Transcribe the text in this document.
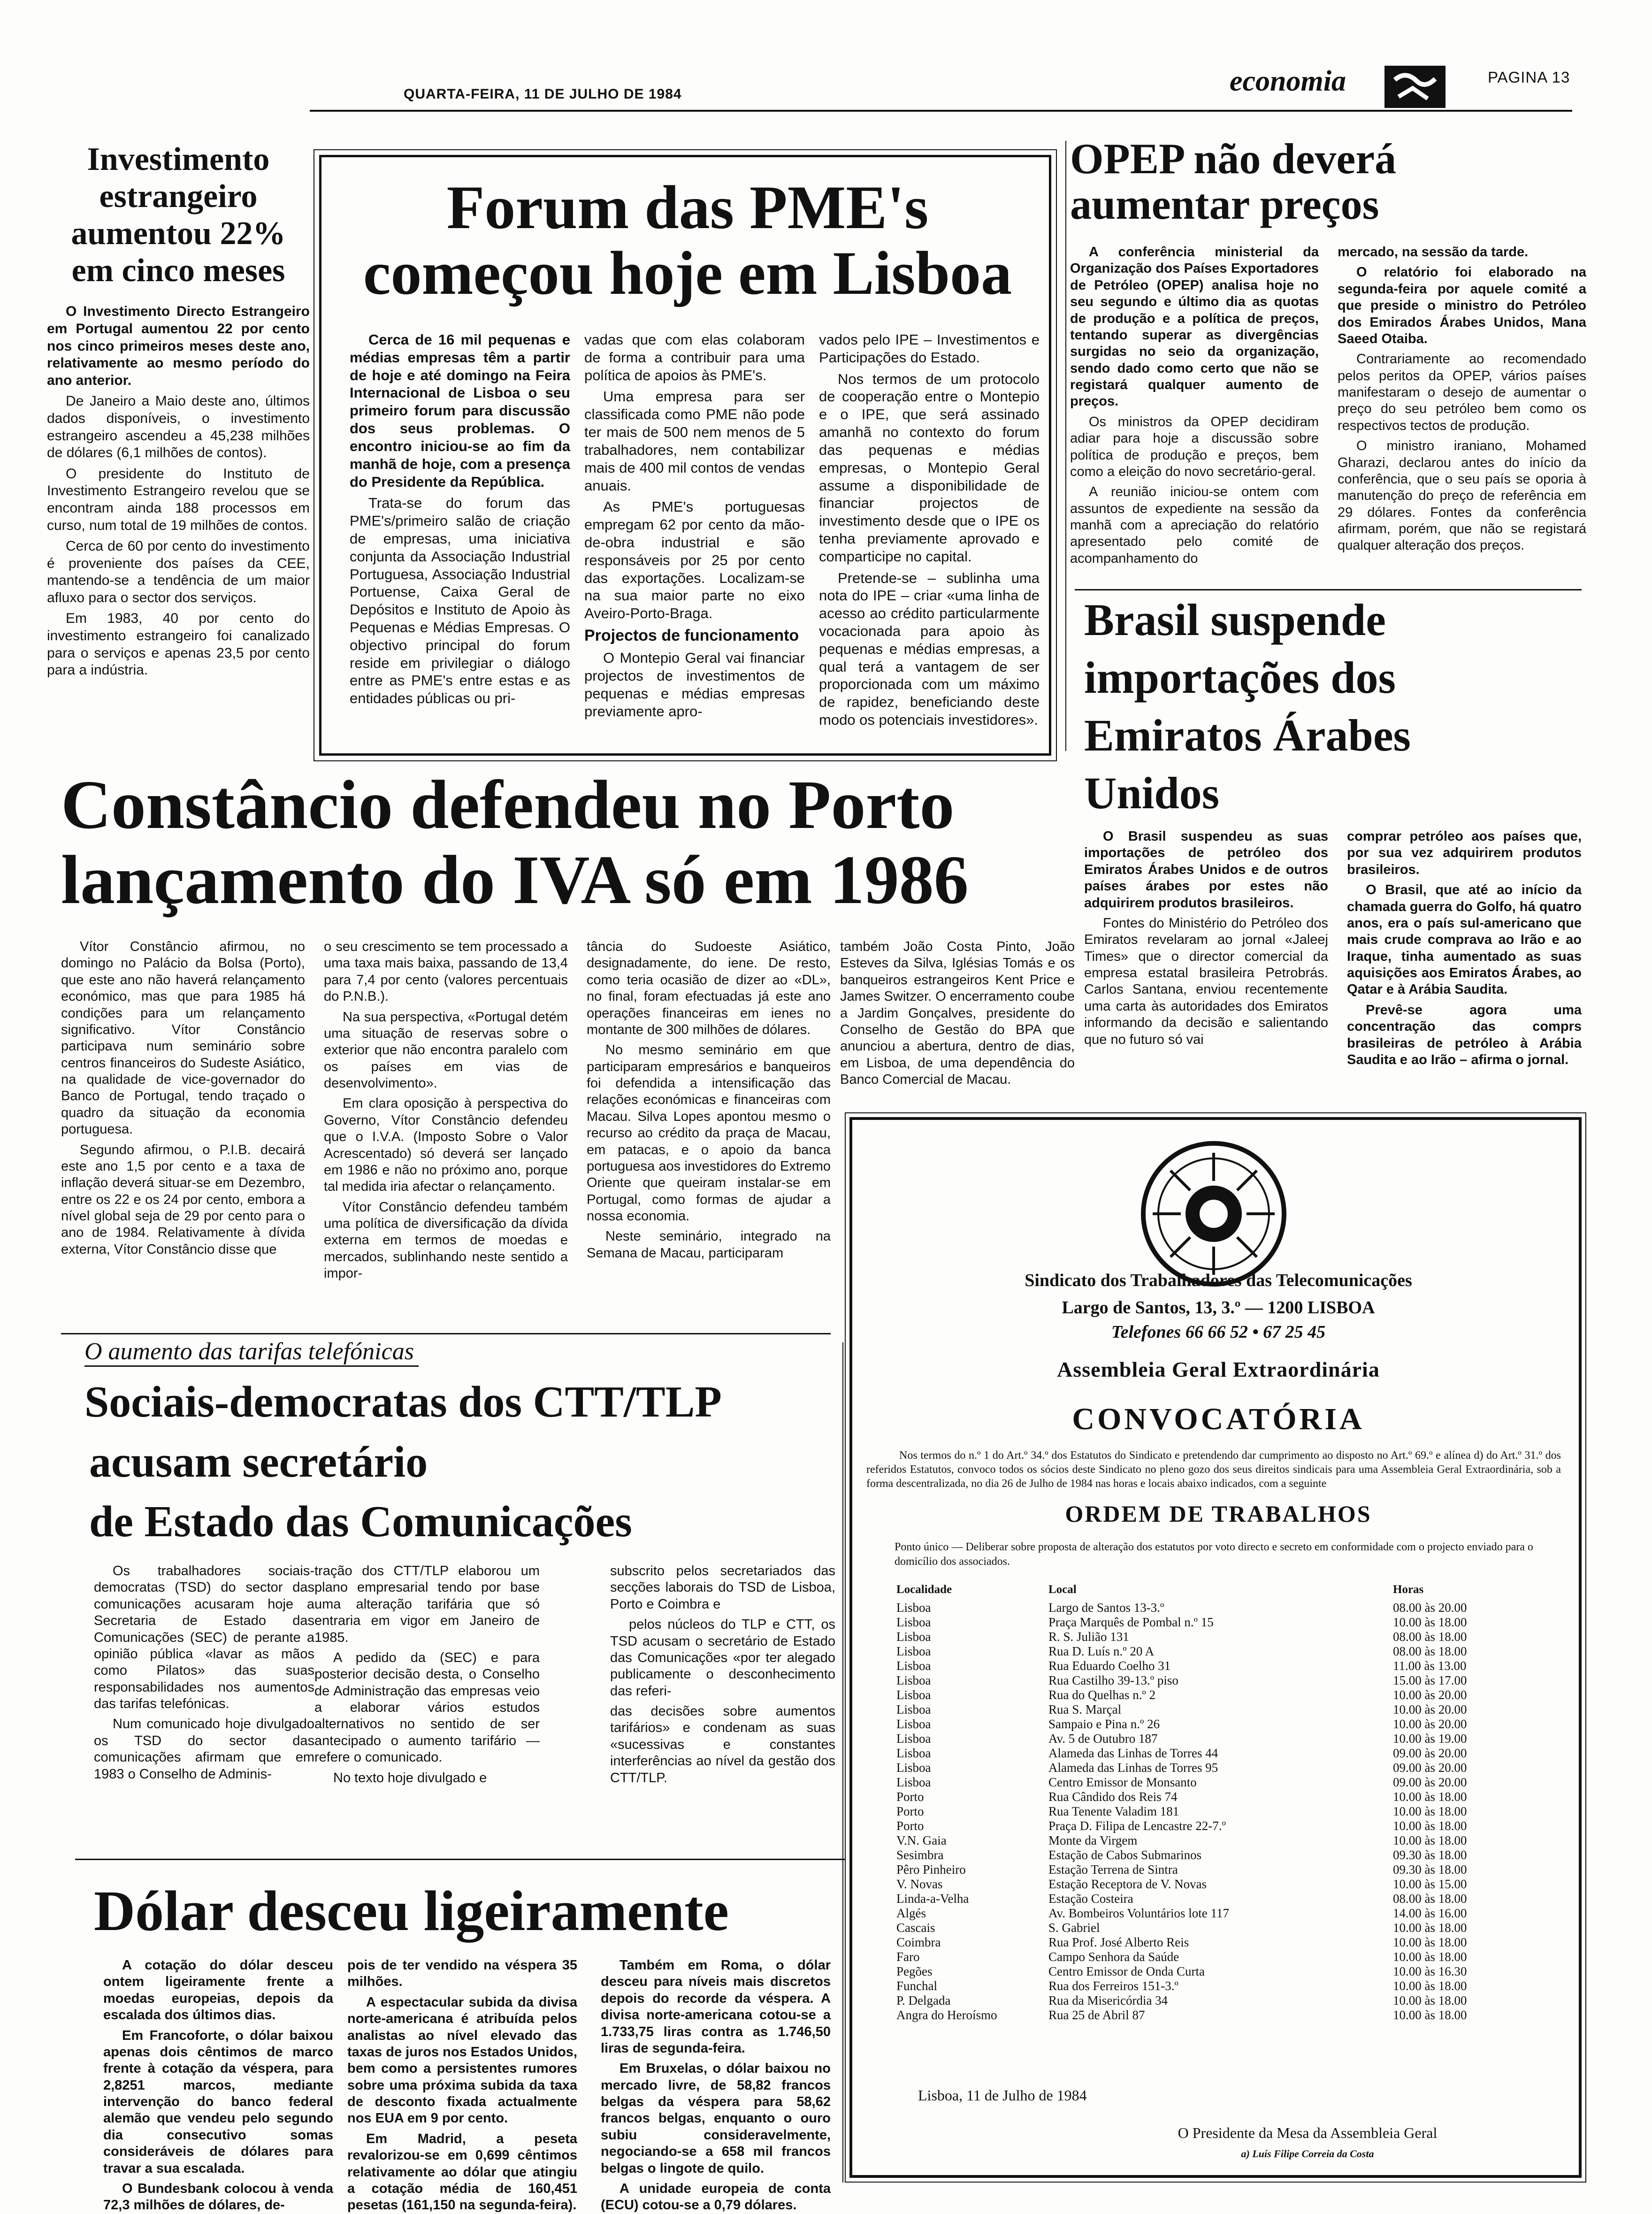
QUARTA-FEIRA, 11 DE JULHO DE 1984	economia	PAGINA 13
Investimento estrangeiro aumentou 22% em cinco meses

O Investimento Directo Estrangeiro em Portugal aumentou 22 por cento nos cinco primeiros meses deste ano, relativamente ao mesmo período do ano anterior.

De Janeiro a Maio deste ano, últimos dados disponíveis, o investimento estrangeiro ascendeu a 45,238 milhões de dólares (6,1 milhões de contos).

O presidente do Instituto de Investimento Estrangeiro revelou que se encontram ainda 188 processos em curso, num total de 19 milhões de contos.

Cerca de 60 por cento do investimento é proveniente dos países da CEE, mantendo-se a tendência de um maior afluxo para o sector dos serviços.

Em 1983, 40 por cento do investimento estrangeiro foi canalizado para o serviços e apenas 23,5 por cento para a indústria.

Forum das PME's
começou hoje em Lisboa

Cerca de 16 mil pequenas e médias empresas têm a partir de hoje e até domingo na Feira Internacional de Lisboa o seu primeiro forum para discussão dos seus problemas. O encontro iniciou-se ao fim da manhã de hoje, com a presença do Presidente da República.

Trata-se do forum das PME's/primeiro salão de criação de empresas, uma iniciativa conjunta da Associação Industrial Portuguesa, Associação Industrial Portuense, Caixa Geral de Depósitos e Instituto de Apoio às Pequenas e Médias Empresas. O objectivo principal do forum reside em privilegiar o diálogo entre as PME's entre estas e as entidades públicas ou pri-

vadas que com elas colaboram de forma a contribuir para uma política de apoios às PME's.

Uma empresa para ser classificada como PME não pode ter mais de 500 nem menos de 5 trabalhadores, nem contabilizar mais de 400 mil contos de vendas anuais.

As PME's portuguesas empregam 62 por cento da mão-de-obra industrial e são responsáveis por 25 por cento das exportações. Localizam-se na sua maior parte no eixo Aveiro-Porto-Braga.

Projectos de funcionamento

O Montepio Geral vai financiar projectos de investimentos de pequenas e médias empresas previamente apro-

vados pelo IPE – Investimentos e Participações do Estado.

Nos termos de um protocolo de cooperação entre o Montepio e o IPE, que será assinado amanhã no contexto do forum das pequenas e médias empresas, o Montepio Geral assume a disponibilidade de financiar projectos de investimento desde que o IPE os tenha previamente aprovado e comparticipe no capital.

Pretende-se – sublinha uma nota do IPE – criar «uma linha de acesso ao crédito particularmente vocacionada para apoio às pequenas e médias empresas, a qual terá a vantagem de ser proporcionada com um máximo de rapidez, beneficiando deste modo os potenciais investidores».

OPEP não deverá aumentar preços

A conferência ministerial da Organização dos Países Exportadores de Petróleo (OPEP) analisa hoje no seu segundo e último dia as quotas de produção e a política de preços, tentando superar as divergências surgidas no seio da organização, sendo dado como certo que não se registará qualquer aumento de preços.

Os ministros da OPEP decidiram adiar para hoje a discussão sobre política de produção e preços, bem como a eleição do novo secretário-geral.

A reunião iniciou-se ontem com assuntos de expediente na sessão da manhã com a apreciação do relatório apresentado pelo comité de acompanhamento do

mercado, na sessão da tarde.

O relatório foi elaborado na segunda-feira por aquele comité a que preside o ministro do Petróleo dos Emirados Árabes Unidos, Mana Saeed Otaiba.

Contrariamente ao recomendado pelos peritos da OPEP, vários países manifestaram o desejo de aumentar o preço do seu petróleo bem como os respectivos tectos de produção.

O ministro iraniano, Mohamed Gharazi, declarou antes do início da conferência, que o seu país se oporia à manutenção do preço de referência em 29 dólares. Fontes da conferência afirmam, porém, que não se registará qualquer alteração dos preços.

Brasil suspende importações dos Emiratos Árabes Unidos

O Brasil suspendeu as suas importações de petróleo dos Emiratos Árabes Unidos e de outros países árabes por estes não adquirirem produtos brasileiros.

Fontes do Ministério do Petróleo dos Emiratos revelaram ao jornal «Jaleej Times» que o director comercial da empresa estatal brasileira Petrobrás. Carlos Santana, enviou recentemente uma carta às autoridades dos Emiratos informando da decisão e salientando que no futuro só vai

comprar petróleo aos países que, por sua vez adquirirem produtos brasileiros.

O Brasil, que até ao início da chamada guerra do Golfo, há quatro anos, era o país sul-americano que mais crude comprava ao Irão e ao Iraque, tinha aumentado as suas aquisições aos Emiratos Árabes, ao Qatar e à Arábia Saudita.

Prevê-se agora uma concentração das comprs brasileiras de petróleo à Arábia Saudita e ao Irão – afirma o jornal.

Constâncio defendeu no Porto
lançamento do IVA só em 1986

Vítor Constâncio afirmou, no domingo no Palácio da Bolsa (Porto), que este ano não haverá relançamento económico, mas que para 1985 há condições para um relançamento significativo. Vítor Constâncio participava num seminário sobre centros financeiros do Sudeste Asiático, na qualidade de vice-governador do Banco de Portugal, tendo traçado o quadro da situação da economia portuguesa.

Segundo afirmou, o P.I.B. decairá este ano 1,5 por cento e a taxa de inflação deverá situar-se em Dezembro, entre os 22 e os 24 por cento, embora a nível global seja de 29 por cento para o ano de 1984. Relativamente à dívida externa, Vítor Constâncio disse que

o seu crescimento se tem processado a uma taxa mais baixa, passando de 13,4 para 7,4 por cento (valores percentuais do P.N.B.).

Na sua perspectiva, «Portugal detém uma situação de reservas sobre o exterior que não encontra paralelo com os países em vias de desenvolvimento».

Em clara oposição à perspectiva do Governo, Vítor Constâncio defendeu que o I.V.A. (Imposto Sobre o Valor Acrescentado) só deverá ser lançado em 1986 e não no próximo ano, porque tal medida iria afectar o relançamento.

Vítor Constâncio defendeu também uma política de diversificação da dívida externa em termos de moedas e mercados, sublinhando neste sentido a impor-

tância do Sudoeste Asiático, designadamente, do iene. De resto, como teria ocasião de dizer ao «DL», no final, foram efectuadas já este ano operações financeiras em ienes no montante de 300 milhões de dólares.

No mesmo seminário em que participaram empresários e banqueiros foi defendida a intensificação das relações económicas e financeiras com Macau. Silva Lopes apontou mesmo o recurso ao crédito da praça de Macau, em patacas, e o apoio da banca portuguesa aos investidores do Extremo Oriente que queiram instalar-se em Portugal, como formas de ajudar a nossa economia.

Neste seminário, integrado na Semana de Macau, participaram

também João Costa Pinto, João Esteves da Silva, Iglésias Tomás e os banqueiros estrangeiros Kent Price e James Switzer. O encerramento coube a Jardim Gonçalves, presidente do Conselho de Gestão do BPA que anunciou a abertura, dentro de dias, em Lisboa, de uma dependência do Banco Comercial de Macau.

O aumento das tarifas telefónicas
Sociais-democratas dos CTT/TLP
acusam secretário
de Estado das Comunicações

Os trabalhadores sociais-democratas (TSD) do sector das comunicações acusaram hoje a Secretaria de Estado das Comunicações (SEC) de perante a opinião pública «lavar as mãos como Pilatos» das suas responsabilidades nos aumentos das tarifas telefónicas.

Num comunicado hoje divulgado os TSD do sector das comunicações afirmam que em 1983 o Conselho de Adminis-

tração dos CTT/TLP elaborou um plano empresarial tendo por base uma alteração tarifária que só entraria em vigor em Janeiro de 1985.

A pedido da (SEC) e para posterior decisão desta, o Conselho de Administração das empresas veio a elaborar vários estudos alternativos no sentido de ser antecipado o aumento tarifário — refere o comunicado.

No texto hoje divulgado e

subscrito pelos secretariados das secções laborais do TSD de Lisboa, Porto e Coimbra e

pelos núcleos do TLP e CTT, os TSD acusam o secretário de Estado das Comunicações «por ter alegado publicamente o desconhecimento das referi-

das decisões sobre aumentos tarifários» e condenam as suas «sucessivas e constantes interferências ao nível da gestão dos CTT/TLP.

Dólar desceu ligeiramente

A cotação do dólar desceu ontem ligeiramente frente a moedas europeias, depois da escalada dos últimos dias.

Em Francoforte, o dólar baixou apenas dois cêntimos de marco frente à cotação da véspera, para 2,8251 marcos, mediante intervenção do banco federal alemão que vendeu pelo segundo dia consecutivo somas consideráveis de dólares para travar a sua escalada.

O Bundesbank colocou à venda 72,3 milhões de dólares, de-

pois de ter vendido na véspera 35 milhões.

A espectacular subida da divisa norte-americana é atribuída pelos analistas ao nível elevado das taxas de juros nos Estados Unidos, bem como a persistentes rumores sobre uma próxima subida da taxa de desconto fixada actualmente nos EUA em 9 por cento.

Em Madrid, a peseta revalorizou-se em 0,699 cêntimos relativamente ao dólar que atingiu a cotação média de 160,451 pesetas (161,150 na segunda-feira).

Também em Roma, o dólar desceu para níveis mais discretos depois do recorde da véspera. A divisa norte-americana cotou-se a 1.733,75 liras contra as 1.746,50 liras de segunda-feira.

Em Bruxelas, o dólar baixou no mercado livre, de 58,82 francos belgas da véspera para 58,62 francos belgas, enquanto o ouro subiu consideravelmente, negociando-se a 658 mil francos belgas o lingote de quilo.

A unidade europeia de conta (ECU) cotou-se a 0,79 dólares.

Sindicato dos Trabalhadores das Telecomunicações
Largo de Santos, 13, 3.º — 1200 LISBOA
Telefones 66 66 52 • 67 25 45
Assembleia Geral Extraordinária
CONVOCATÓRIA
Nos termos do n.º 1 do Art.º 34.º dos Estatutos do Sindicato e pretendendo dar cumprimento ao disposto no Art.º 69.º e alínea d) do Art.º 31.º dos referidos Estatutos, convoco todos os sócios deste Sindicato no pleno gozo dos seus direitos sindicais para uma Assembleia Geral Extraordinária, sob a forma descentralizada, no dia 26 de Julho de 1984 nas horas e locais abaixo indicados, com a seguinte
ORDEM DE TRABALHOS
Ponto único — Deliberar sobre proposta de alteração dos estatutos por voto directo e secreto em conformidade com o projecto enviado para o domicílio dos associados.
Localidade	Local	Horas
Lisboa	Largo de Santos 13-3.º	08.00 às 20.00
Lisboa	Praça Marquês de Pombal n.º 15	10.00 às 18.00
Lisboa	R. S. Julião 131	08.00 às 18.00
Lisboa	Rua D. Luís n.º 20 A	08.00 às 18.00
Lisboa	Rua Eduardo Coelho 31	11.00 às 13.00
Lisboa	Rua Castilho 39-13.º piso	15.00 às 17.00
Lisboa	Rua do Quelhas n.º 2	10.00 às 20.00
Lisboa	Rua S. Marçal	10.00 às 20.00
Lisboa	Sampaio e Pina n.º 26	10.00 às 20.00
Lisboa	Av. 5 de Outubro 187	10.00 às 19.00
Lisboa	Alameda das Linhas de Torres 44	09.00 às 20.00
Lisboa	Alameda das Linhas de Torres 95	09.00 às 20.00
Lisboa	Centro Emissor de Monsanto	09.00 às 20.00
Porto	Rua Cândido dos Reis 74	10.00 às 18.00
Porto	Rua Tenente Valadim 181	10.00 às 18.00
Porto	Praça D. Filipa de Lencastre 22-7.º	10.00 às 18.00
V.N. Gaia	Monte da Virgem	10.00 às 18.00
Sesimbra	Estação de Cabos Submarinos	09.30 às 18.00
Pêro Pinheiro	Estação Terrena de Sintra	09.30 às 18.00
V. Novas	Estação Receptora de V. Novas	10.00 às 15.00
Linda-a-Velha	Estação Costeira	08.00 às 18.00
Algés	Av. Bombeiros Voluntários lote 117	14.00 às 16.00
Cascais	S. Gabriel	10.00 às 18.00
Coimbra	Rua Prof. José Alberto Reis	10.00 às 18.00
Faro	Campo Senhora da Saúde	10.00 às 18.00
Pegões	Centro Emissor de Onda Curta	10.00 às 16.30
Funchal	Rua dos Ferreiros 151-3.º	10.00 às 18.00
P. Delgada	Rua da Misericórdia 34	10.00 às 18.00
Angra do Heroísmo	Rua 25 de Abril 87	10.00 às 18.00
Lisboa, 11 de Julho de 1984
O Presidente da Mesa da Assembleia Geral
a) Luís Filipe Correia da Costa
